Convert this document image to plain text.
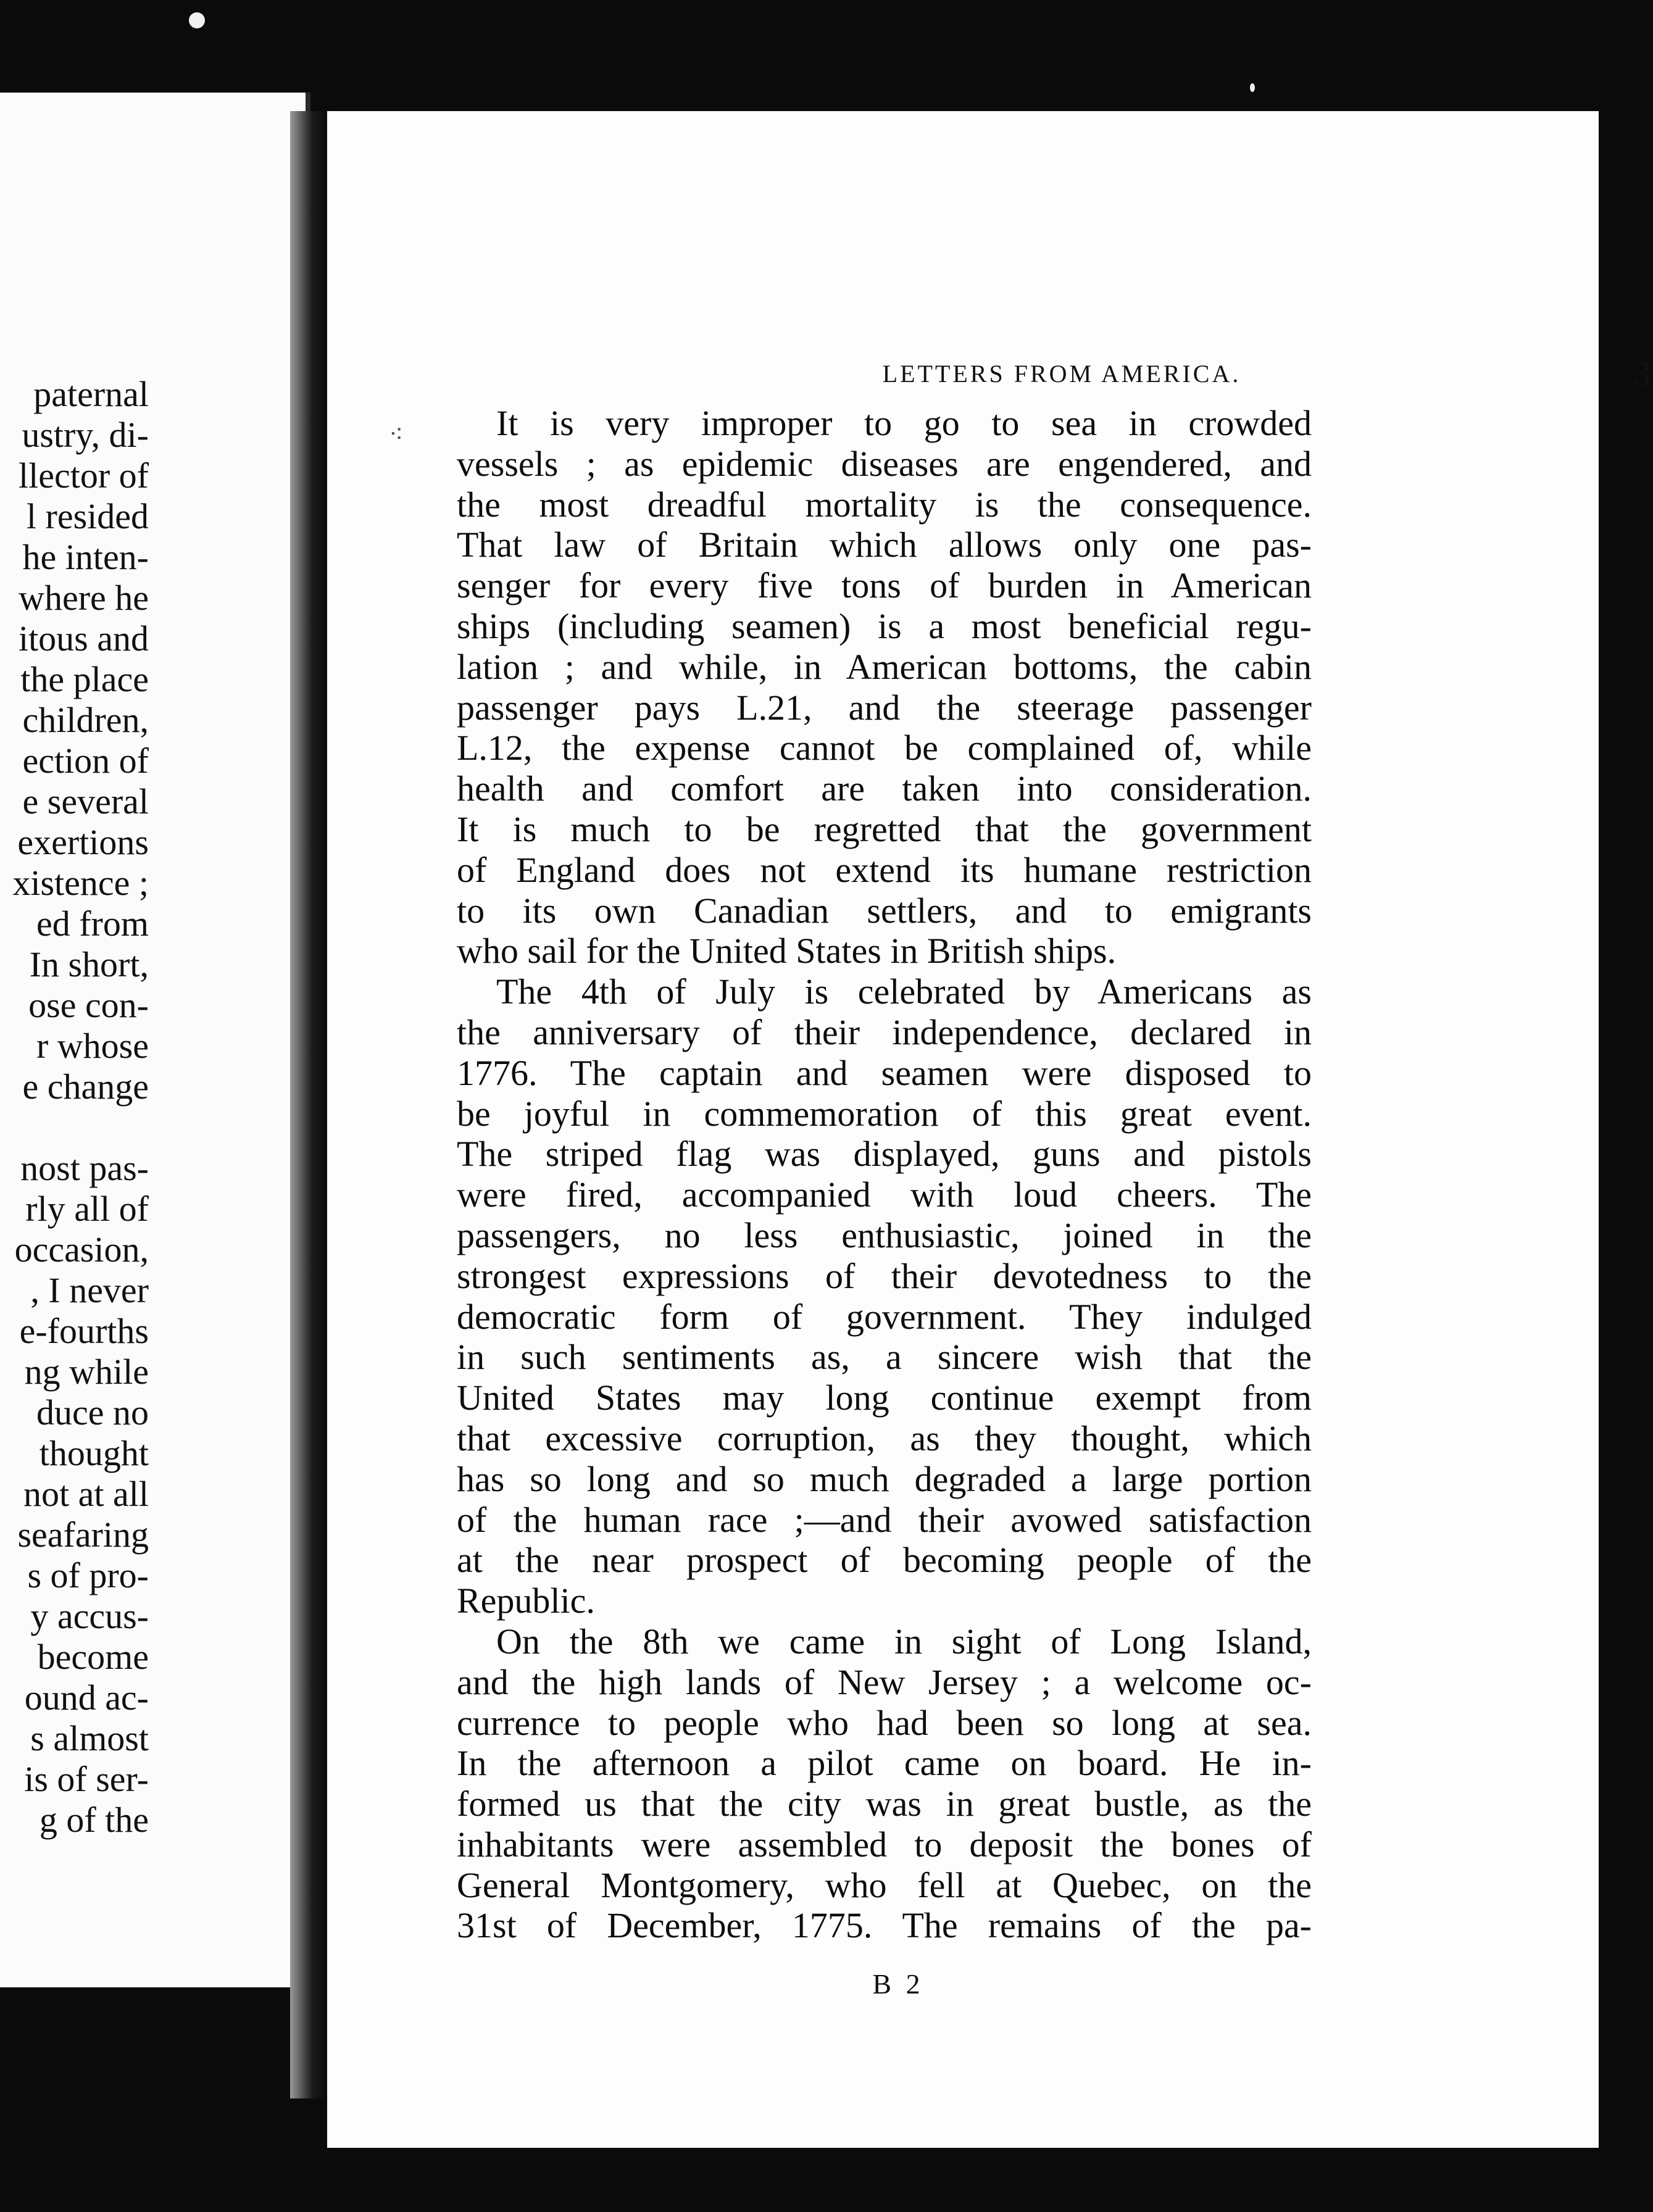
paternal
ustry, di-
llector of
l resided
he inten-
where he
itous and
the place
children,
ection of
e several
exertions
xistence ;
ed from
In short,
ose con-
r whose
e change

nost pas-
rly all of
occasion,
, I never
e-fourths
ng while
duce no
thought
not at all
seafaring
s of pro-
y accus-
become
ound ac-
s almost
is of ser-
g of the
⁖
LETTERS FROM AMERICA.	3
It is very improper to go to sea in crowded
vessels ; as epidemic diseases are engendered, and
the most dreadful mortality is the consequence.
That law of Britain which allows only one pas-
senger for every five tons of burden in American
ships (including seamen) is a most beneficial regu-
lation ; and while, in American bottoms, the cabin
passenger pays L.21, and the steerage passenger
L.12, the expense cannot be complained of, while
health and comfort are taken into consideration.
It is much to be regretted that the government
of England does not extend its humane restriction
to its own Canadian settlers, and to emigrants
who sail for the United States in British ships.
The 4th of July is celebrated by Americans as
the anniversary of their independence, declared in
1776. The captain and seamen were disposed to
be joyful in commemoration of this great event.
The striped flag was displayed, guns and pistols
were fired, accompanied with loud cheers. The
passengers, no less enthusiastic, joined in the
strongest expressions of their devotedness to the
democratic form of government. They indulged
in such sentiments as, a sincere wish that the
United States may long continue exempt from
that excessive corruption, as they thought, which
has so long and so much degraded a large portion
of the human race ;—and their avowed satisfaction
at the near prospect of becoming people of the
Republic.
On the 8th we came in sight of Long Island,
and the high lands of New Jersey ; a welcome oc-
currence to people who had been so long at sea.
In the afternoon a pilot came on board. He in-
formed us that the city was in great bustle, as the
inhabitants were assembled to deposit the bones of
General Montgomery, who fell at Quebec, on the
31st of December, 1775. The remains of the pa-
B 2
